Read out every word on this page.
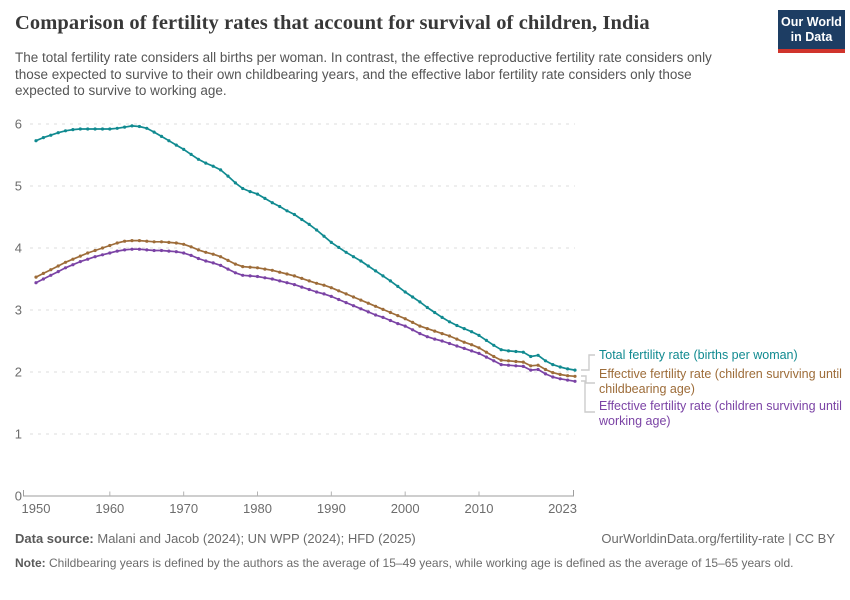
Comparison of fertility rates that account for survival of children, India
The total fertility rate considers all births per woman. In contrast, the effective reproductive fertility rate considers only those expected to survive to their own childbearing years, and the effective labor fertility rate considers only those expected to survive to working age.
Our World
in Data
0
1
2
3
4
5
6
1950	1960	1970	1980	1990	2000	2010	2023
Total fertility rate (births per woman)
Effective fertility rate (children surviving until childbearing age)
Effective fertility rate (children surviving until working age)
Data source: Malani and Jacob (2024); UN WPP (2024); HFD (2025)	OurWorldinData.org/fertility-rate | CC BY
Note: Childbearing years is defined by the authors as the average of 15–49 years, while working age is defined as the average of 15–65 years old.
